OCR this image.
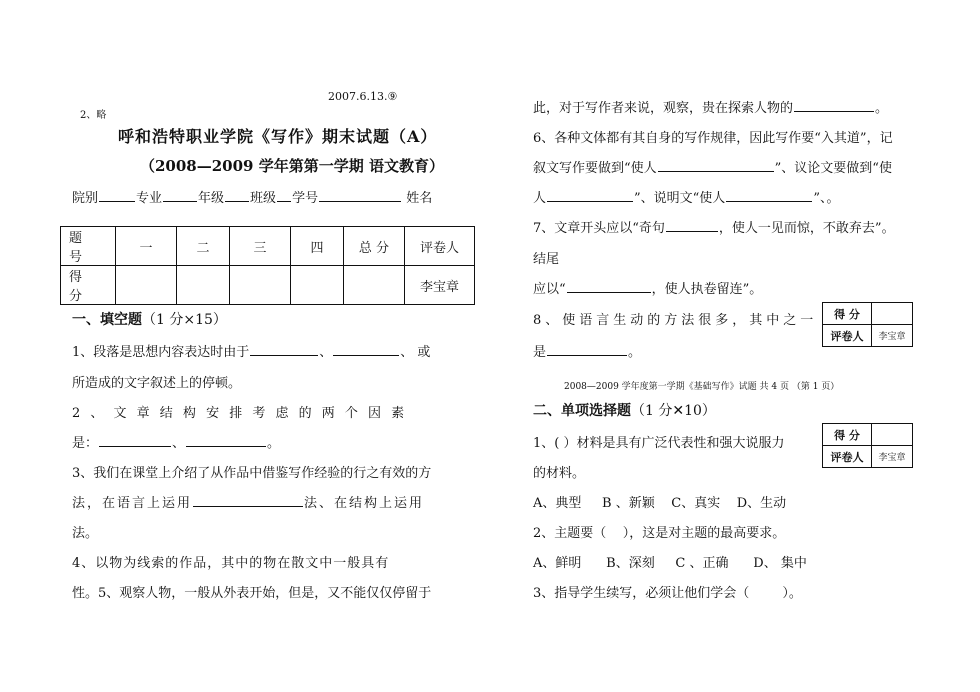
2007.6.13.⑨
2、略
呼和浩特职业学院《写作》期末试题（A）
（2008—2009 学年第第一学期 语文教育）
院别	专业	年级 班级 学号	姓名
题 号	一	二	三	四	总 分	评卷人
得 分						李宝章
一、填空题（1 分×15）
1、段落是思想内容表达时由于	、	、 或
所造成的文字叙述上的停顿。
2 、 文 章 结 构 安 排 考 虑 的 两 个 因 素
是：	、	。
3、我们在课堂上介绍了从作品中借鉴写作经验的行之有效的方
法，在语言上运用	法、在结构上运用
法。
4、以物为线索的作品，其中的物在散文中一般具有
性。5、观察人物，一般从外表开始，但是，又不能仅仅停留于
此，对于写作者来说，观察，贵在探索人物的	。
6、各种文体都有其自身的写作规律，因此写作要“入其道”，记
叙文写作要做到“使人	”、议论文要做到“使
人	”、说明文“使人	”、。
7、文章开头应以“奇句	，使人一见而惊，不敢弃去”。
结尾
应以“	，使人执卷留连”。
8、使语言生动的方法很多，其中之一
是	。
得 分	
评卷人	李宝章
2008—2009 学年度第一学期《基础写作》试题 共 4 页 （第 1 页）
二、单项选择题（1 分✕10）
得 分	
评卷人	李宝章
1、( ）材料是具有广泛代表性和强大说服力
的材料。
A、典型     B 、新颖    C、真实    D、生动
2、主题要（    ），这是对主题的最高要求。
A、鲜明      B、深刻     C 、正确      D、 集中
3、指导学生续写，必须让他们学会（        ）。
